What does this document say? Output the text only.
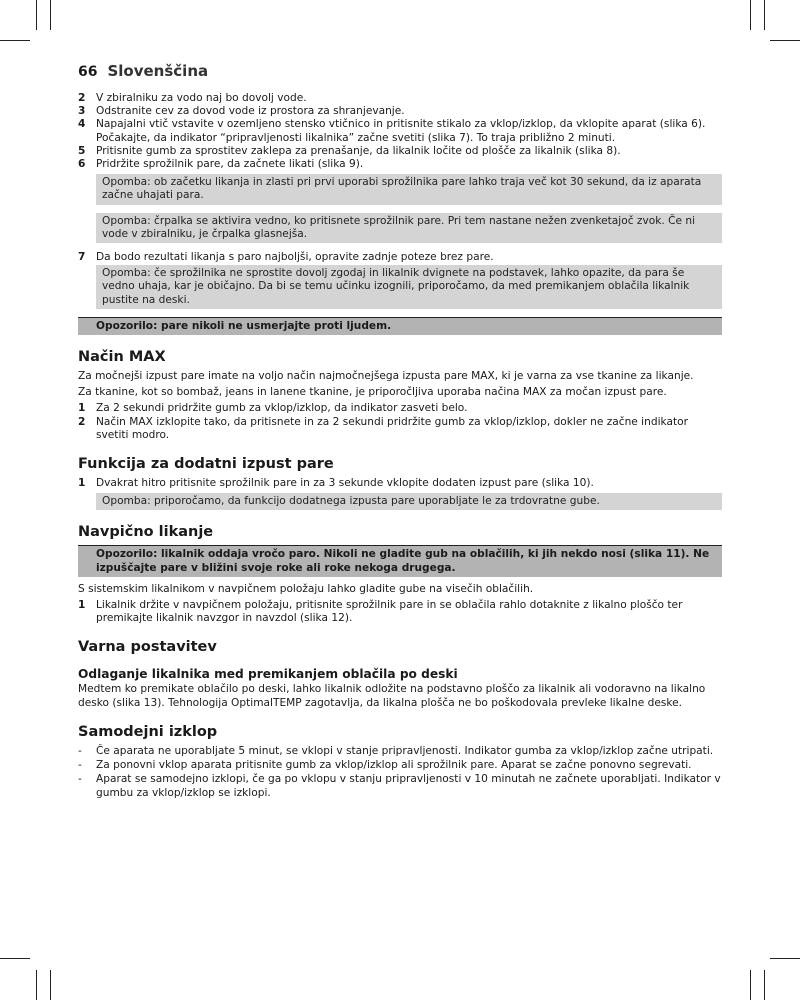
66 Slovenščina
2	V zbiralniku za vodo naj bo dovolj vode.
3	Odstranite cev za dovod vode iz prostora za shranjevanje.
4	Napajalni vtič vstavite v ozemljeno stensko vtičnico in pritisnite stikalo za vklop/izklop, da vklopite aparat (slika 6). Počakajte, da indikator “pripravljenosti likalnika” začne svetiti (slika 7). To traja približno 2 minuti.
5	Pritisnite gumb za sprostitev zaklepa za prenašanje, da likalnik ločite od plošče za likalnik (slika 8).
6	Pridržite sprožilnik pare, da začnete likati (slika 9).
Opomba: ob začetku likanja in zlasti pri prvi uporabi sprožilnika pare lahko traja več kot 30 sekund, da iz aparata začne uhajati para.
Opomba: črpalka se aktivira vedno, ko pritisnete sprožilnik pare. Pri tem nastane nežen zvenketajoč zvok. Če ni vode v zbiralniku, je črpalka glasnejša.
7	Da bodo rezultati likanja s paro najboljši, opravite zadnje poteze brez pare.
Opomba: če sprožilnika ne sprostite dovolj zgodaj in likalnik dvignete na podstavek, lahko opazite, da para še vedno uhaja, kar je običajno. Da bi se temu učinku izognili, priporočamo, da med premikanjem oblačila likalnik pustite na deski.
Opozorilo: pare nikoli ne usmerjajte proti ljudem.
Način MAX

Za močnejši izpust pare imate na voljo način najmočnejšega izpusta pare MAX, ki je varna za vse tkanine za likanje.

Za tkanine, kot so bombaž, jeans in lanene tkanine, je priporočljiva uporaba načina MAX za močan izpust pare.

1	Za 2 sekundi pridržite gumb za vklop/izklop, da indikator zasveti belo.
2	Način MAX izklopite tako, da pritisnete in za 2 sekundi pridržite gumb za vklop/izklop, dokler ne začne indikator svetiti modro.
Funkcija za dodatni izpust pare
1	Dvakrat hitro pritisnite sprožilnik pare in za 3 sekunde vklopite dodaten izpust pare (slika 10).
Opomba: priporočamo, da funkcijo dodatnega izpusta pare uporabljate le za trdovratne gube.
Navpično likanje
Opozorilo: likalnik oddaja vročo paro. Nikoli ne gladite gub na oblačilih, ki jih nekdo nosi (slika 11). Ne izpuščajte pare v bližini svoje roke ali roke nekoga drugega.

S sistemskim likalnikom v navpičnem položaju lahko gladite gube na visečih oblačilih.

1	Likalnik držite v navpičnem položaju, pritisnite sprožilnik pare in se oblačila rahlo dotaknite z likalno ploščo ter premikajte likalnik navzgor in navzdol (slika 12).
Varna postavitev
Odlaganje likalnika med premikanjem oblačila po deski

Medtem ko premikate oblačilo po deski, lahko likalnik odložite na podstavno ploščo za likalnik ali vodoravno na likalno desko (slika 13). Tehnologija OptimalTEMP zagotavlja, da likalna plošča ne bo poškodovala prevleke likalne deske.

Samodejni izklop
-	Če aparata ne uporabljate 5 minut, se vklopi v stanje pripravljenosti. Indikator gumba za vklop/izklop začne utripati.
-	Za ponovni vklop aparata pritisnite gumb za vklop/izklop ali sprožilnik pare. Aparat se začne ponovno segrevati.
-	Aparat se samodejno izklopi, če ga po vklopu v stanju pripravljenosti v 10 minutah ne začnete uporabljati. Indikator v gumbu za vklop/izklop se izklopi.
